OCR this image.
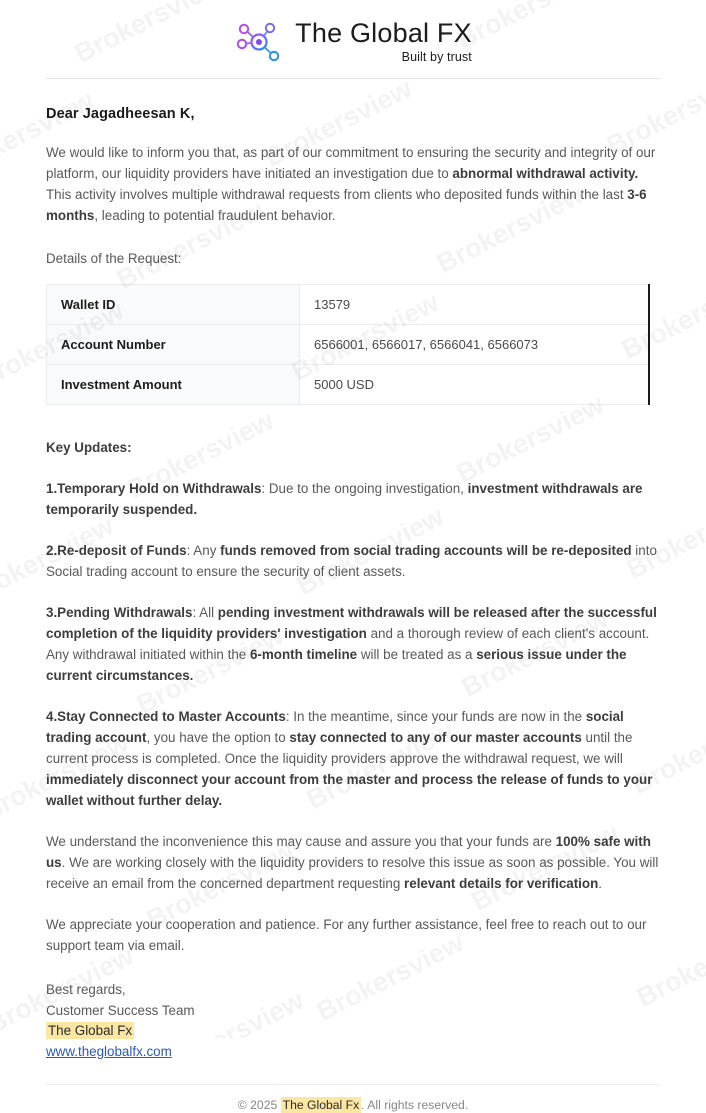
The Global FX
Built by trust
Dear Jagadheesan K,

We would like to inform you that, as part of our commitment to ensuring the security and integrity of our platform, our liquidity providers have initiated an investigation due to abnormal withdrawal activity. This activity involves multiple withdrawal requests from clients who deposited funds within the last 3-6 months, leading to potential fraudulent behavior.

Details of the Request:

Wallet ID	13579
Account Number	6566001, 6566017, 6566041, 6566073
Investment Amount	5000 USD

Key Updates:

1.Temporary Hold on Withdrawals: Due to the ongoing investigation, investment withdrawals are temporarily suspended.

2.Re-deposit of Funds: Any funds removed from social trading accounts will be re-deposited into Social trading account to ensure the security of client assets.

3.Pending Withdrawals: All pending investment withdrawals will be released after the successful completion of the liquidity providers' investigation and a thorough review of each client's account. Any withdrawal initiated within the 6-month timeline will be treated as a serious issue under the current circumstances.

4.Stay Connected to Master Accounts: In the meantime, since your funds are now in the social trading account, you have the option to stay connected to any of our master accounts until the current process is completed. Once the liquidity providers approve the withdrawal request, we will immediately disconnect your account from the master and process the release of funds to your wallet without further delay.

We understand the inconvenience this may cause and assure you that your funds are 100% safe with us. We are working closely with the liquidity providers to resolve this issue as soon as possible. You will receive an email from the concerned department requesting relevant details for verification.

We appreciate your cooperation and patience. For any further assistance, feel free to reach out to our support team via email.

Best regards,
Customer Success Team
The Global Fx
www.theglobalfx.com
© 2025 The Global Fx . All rights reserved.
